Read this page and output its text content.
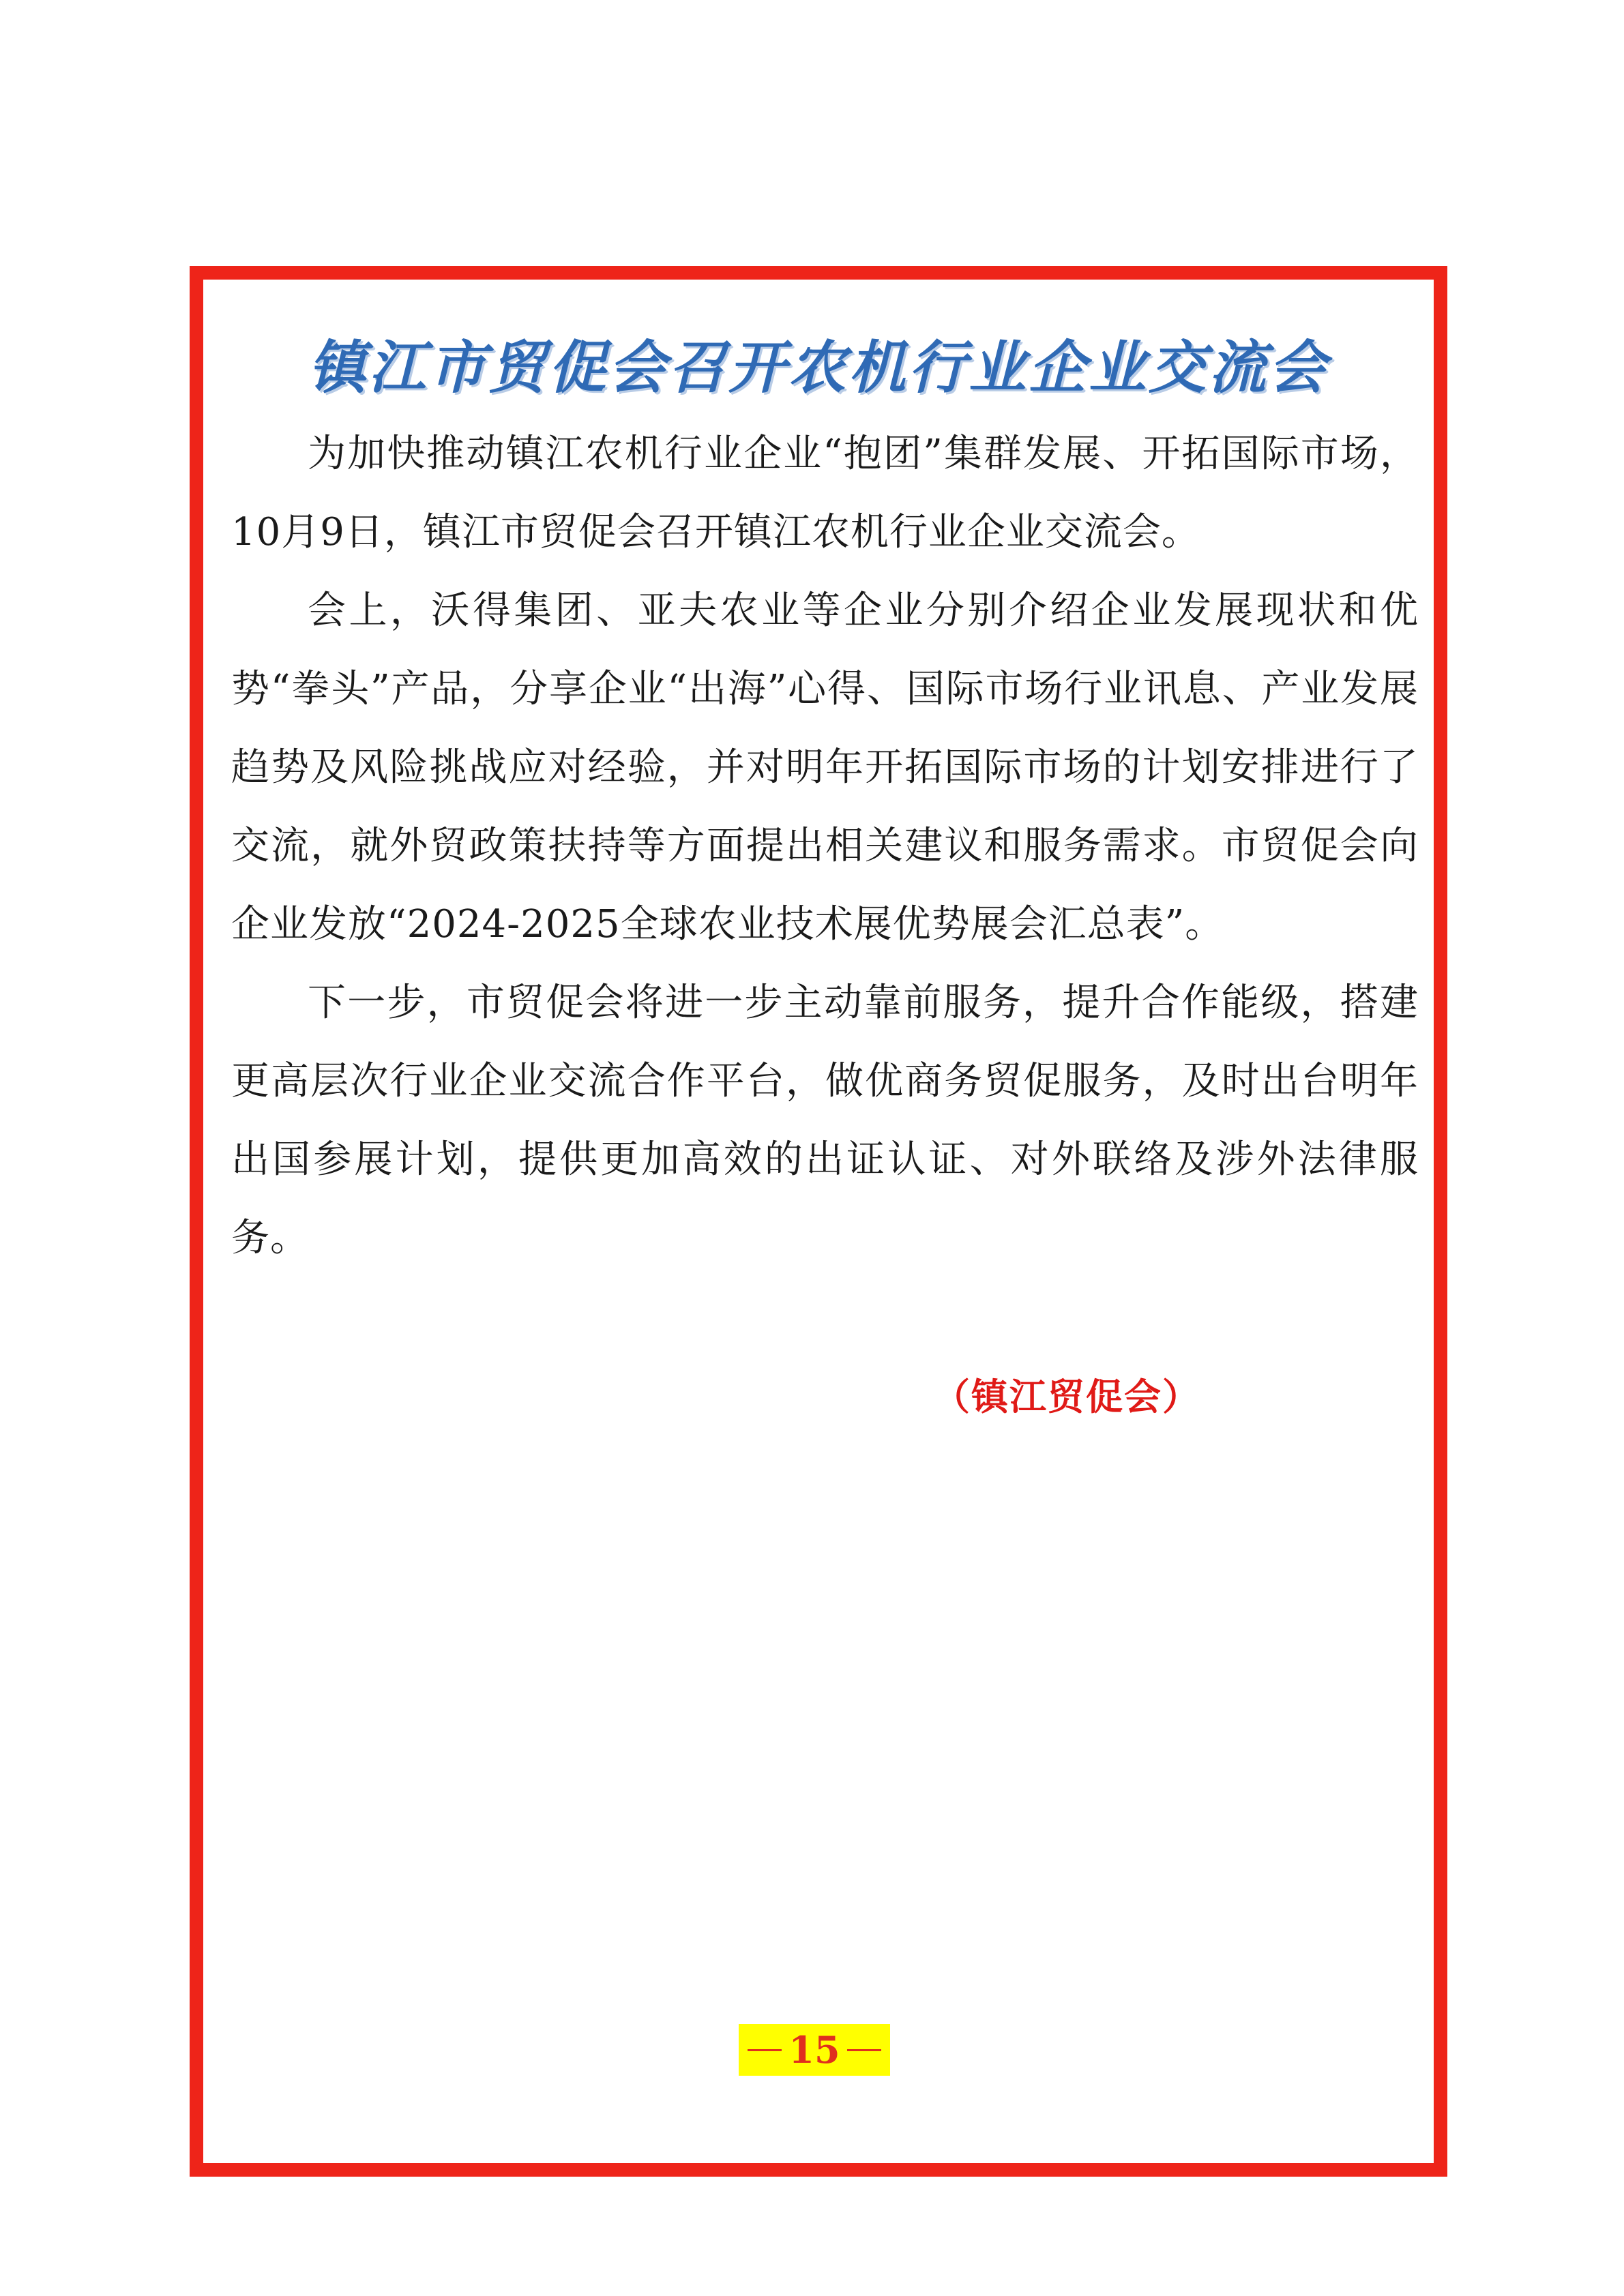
镇江市贸促会召开农机行业企业交流会

为加快推动镇江农机行业企业“抱团”集群发展、开拓国际市场，10月9日，镇江市贸促会召开镇江农机行业企业交流会。

会上，沃得集团、亚夫农业等企业分别介绍企业发展现状和优势“拳头”产品，分享企业“出海”心得、国际市场行业讯息、产业发展趋势及风险挑战应对经验，并对明年开拓国际市场的计划安排进行了交流，就外贸政策扶持等方面提出相关建议和服务需求。市贸促会向企业发放“2024-2025全球农业技术展优势展会汇总表”。

下一步，市贸促会将进一步主动靠前服务，提升合作能级，搭建更高层次行业企业交流合作平台，做优商务贸促服务，及时出台明年出国参展计划，提供更加高效的出证认证、对外联络及涉外法律服务。

（镇江贸促会）
15
